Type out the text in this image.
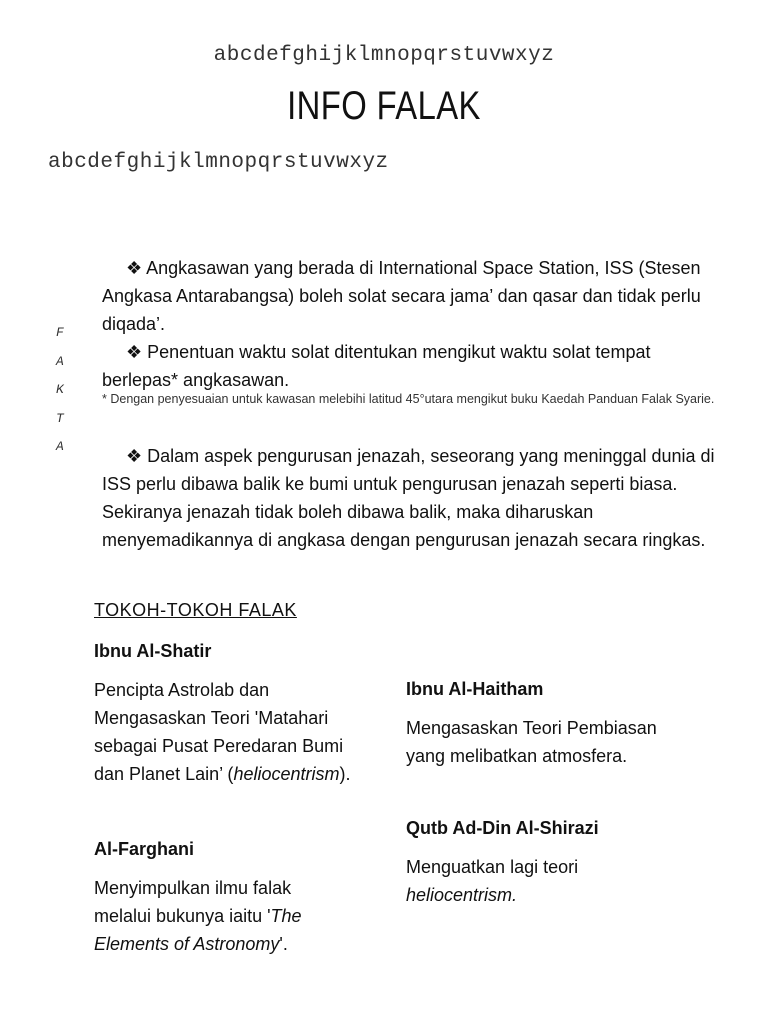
abcdefghijklmnopqrstuvwxyz
INFO FALAK
abcdefghijklmnopqrstuvwxyz
F
A
K
T
A
❖ Angkasawan yang berada di International Space Station, ISS (Stesen Angkasa Antarabangsa) boleh solat secara jama’ dan qasar dan tidak perlu diqada’.
❖ Penentuan waktu solat ditentukan mengikut waktu solat tempat berlepas* angkasawan.
* Dengan penyesuaian untuk kawasan melebihi latitud 45°utara mengikut buku Kaedah Panduan Falak Syarie.
❖ Dalam aspek pengurusan jenazah, seseorang yang meninggal dunia di ISS perlu dibawa balik ke bumi untuk pengurusan jenazah seperti biasa. Sekiranya jenazah tidak boleh dibawa balik, maka diharuskan menyemadikannya di angkasa dengan pengurusan jenazah secara ringkas.
TOKOH-TOKOH FALAK
Ibnu Al-Shatir
Pencipta Astrolab dan Mengasaskan Teori 'Matahari sebagai Pusat Peredaran Bumi dan Planet Lain’ (heliocentrism).
Ibnu Al-Haitham
Mengasaskan Teori Pembiasan yang melibatkan atmosfera.
Qutb Ad-Din Al-Shirazi
Menguatkan lagi teori heliocentrism.
Al-Farghani
Menyimpulkan ilmu falak melalui bukunya iaitu 'The Elements of Astronomy'.
